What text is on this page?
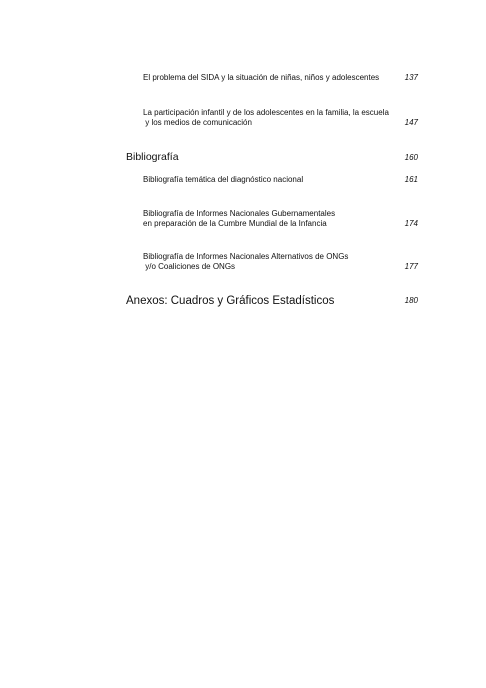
El problema del SIDA y la situación de niñas, niños y adolescentes	137
La participación infantil y de los adolescentes en la familia, la escuela
y los medios de comunicación	147
Bibliografía	160
Bibliografía temática del diagnóstico nacional	161
Bibliografía de Informes Nacionales Gubernamentales
en preparación de la Cumbre Mundial de la Infancia	174
Bibliografía de Informes Nacionales Alternativos de ONGs
y/o Coaliciones de ONGs	177
Anexos: Cuadros y Gráficos Estadísticos	180
